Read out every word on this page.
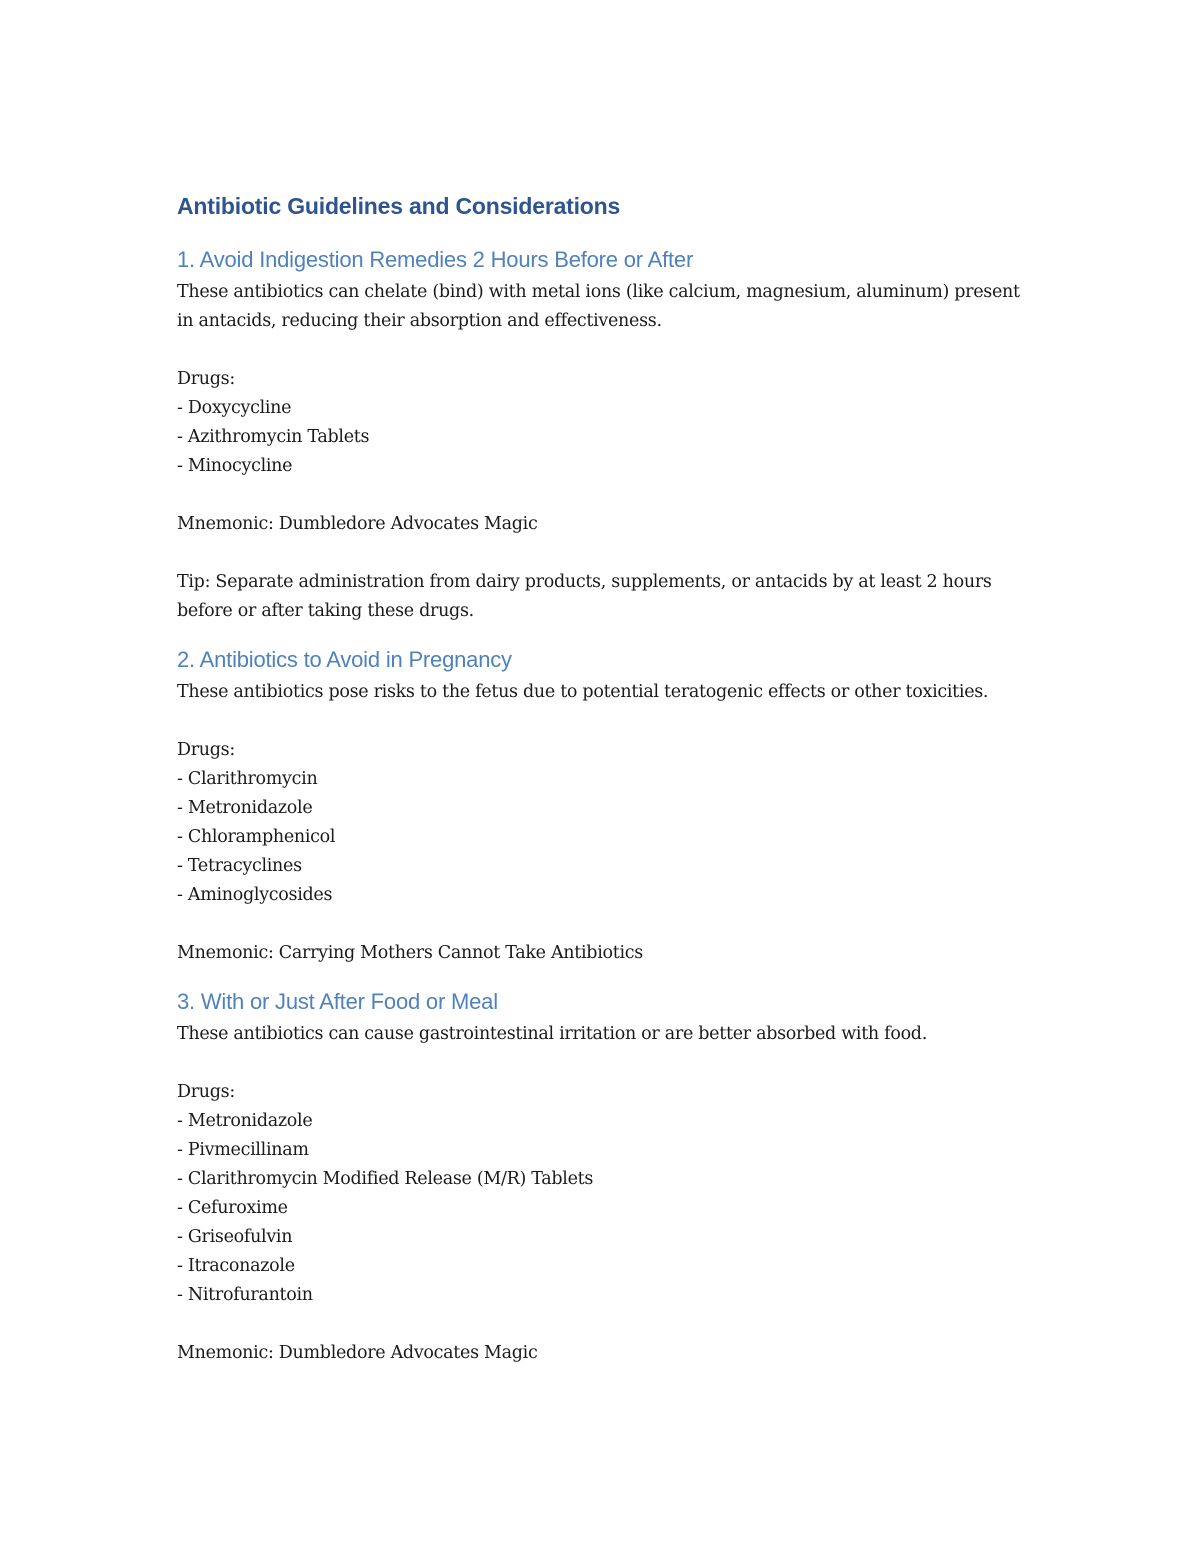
Antibiotic Guidelines and Considerations
1. Avoid Indigestion Remedies 2 Hours Before or After

These antibiotics can chelate (bind) with metal ions (like calcium, magnesium, aluminum) present in antacids, reducing their absorption and effectiveness.

Drugs:

- Doxycycline
- Azithromycin Tablets
- Minocycline

Mnemonic: Dumbledore Advocates Magic

Tip: Separate administration from dairy products, supplements, or antacids by at least 2 hours before or after taking these drugs.

2. Antibiotics to Avoid in Pregnancy

These antibiotics pose risks to the fetus due to potential teratogenic effects or other toxicities.

Drugs:

- Clarithromycin
- Metronidazole
- Chloramphenicol
- Tetracyclines
- Aminoglycosides

Mnemonic: Carrying Mothers Cannot Take Antibiotics

3. With or Just After Food or Meal

These antibiotics can cause gastrointestinal irritation or are better absorbed with food.

Drugs:

- Metronidazole
- Pivmecillinam
- Clarithromycin Modified Release (M/R) Tablets
- Cefuroxime
- Griseofulvin
- Itraconazole
- Nitrofurantoin

Mnemonic: Dumbledore Advocates Magic
